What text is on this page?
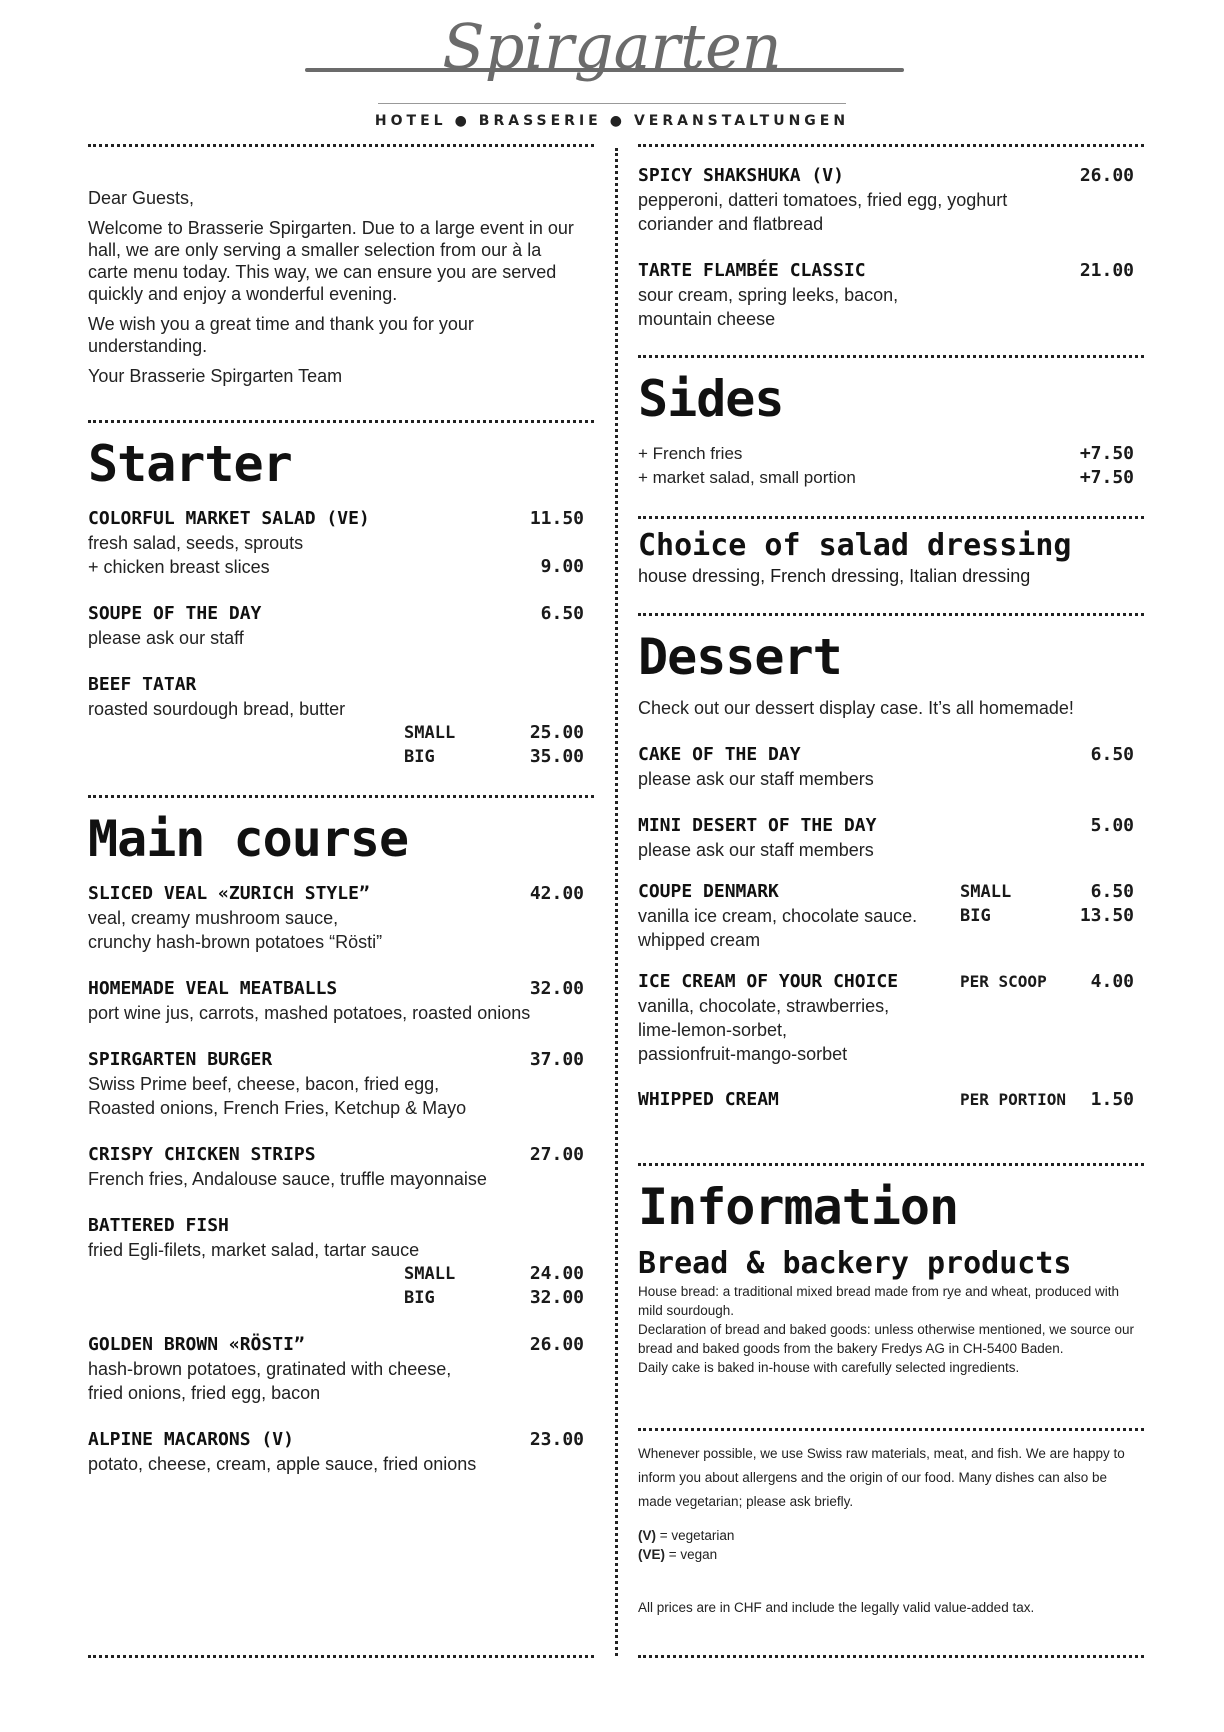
Spirgarten
HOTEL ● BRASSERIE ● VERANSTALTUNGEN

Dear Guests,

Welcome to Brasserie Spirgarten. Due to a large event in our hall, we are only serving a smaller selection from our à la carte menu today. This way, we can ensure you are served quickly and enjoy a wonderful evening.

We wish you a great time and thank you for your understanding.

Your Brasserie Spirgarten Team

Starter
COLORFUL MARKET SALAD (VE)	11.50
fresh salad, seeds, sprouts
+ chicken breast slices	9.00
SOUPE OF THE DAY	6.50
please ask our staff
BEEF TATAR
roasted sourdough bread, butter
SMALL	25.00
BIG	35.00
Main course
SLICED VEAL «ZURICH STYLE”	42.00
veal, creamy mushroom sauce,
crunchy hash-brown potatoes “Rösti”
HOMEMADE VEAL MEATBALLS	32.00
port wine jus, carrots, mashed potatoes, roasted onions
SPIRGARTEN BURGER	37.00
Swiss Prime beef, cheese, bacon, fried egg,
Roasted onions, French Fries, Ketchup & Mayo
CRISPY CHICKEN STRIPS	27.00
French fries, Andalouse sauce, truffle mayonnaise
BATTERED FISH
fried Egli-filets, market salad, tartar sauce
SMALL	24.00
BIG	32.00
GOLDEN BROWN «RÖSTI”	26.00
hash-brown potatoes, gratinated with cheese,
fried onions, fried egg, bacon
ALPINE MACARONS (V)	23.00
potato, cheese, cream, apple sauce, fried onions
SPICY SHAKSHUKA (V)	26.00
pepperoni, datteri tomatoes, fried egg, yoghurt
coriander and flatbread
TARTE FLAMBÉE CLASSIC	21.00
sour cream, spring leeks, bacon,
mountain cheese
Sides
+ French fries	+7.50
+ market salad, small portion	+7.50
Choice of salad dressing
house dressing, French dressing, Italian dressing
Dessert
Check out our dessert display case. It’s all homemade!
CAKE OF THE DAY	6.50
please ask our staff members
MINI DESERT OF THE DAY	5.00
please ask our staff members
COUPE DENMARK	SMALL	6.50
vanilla ice cream, chocolate sauce.	BIG	13.50
whipped cream
ICE CREAM OF YOUR CHOICE	PER SCOOP 4.00
vanilla, chocolate, strawberries,
lime-lemon-sorbet,
passionfruit-mango-sorbet
WHIPPED CREAM	PER PORTION 1.50
Information
Bread & backery products

House bread: a traditional mixed bread made from rye and wheat, produced with mild sourdough.

Declaration of bread and baked goods: unless otherwise mentioned, we source our bread and baked goods from the bakery Fredys AG in CH-5400 Baden.

Daily cake is baked in-house with carefully selected ingredients.

Whenever possible, we use Swiss raw materials, meat, and fish. We are happy to inform you about allergens and the origin of our food. Many dishes can also be made vegetarian; please ask briefly.
(V) = vegetarian
(VE) = vegan
All prices are in CHF and include the legally valid value-added tax.
